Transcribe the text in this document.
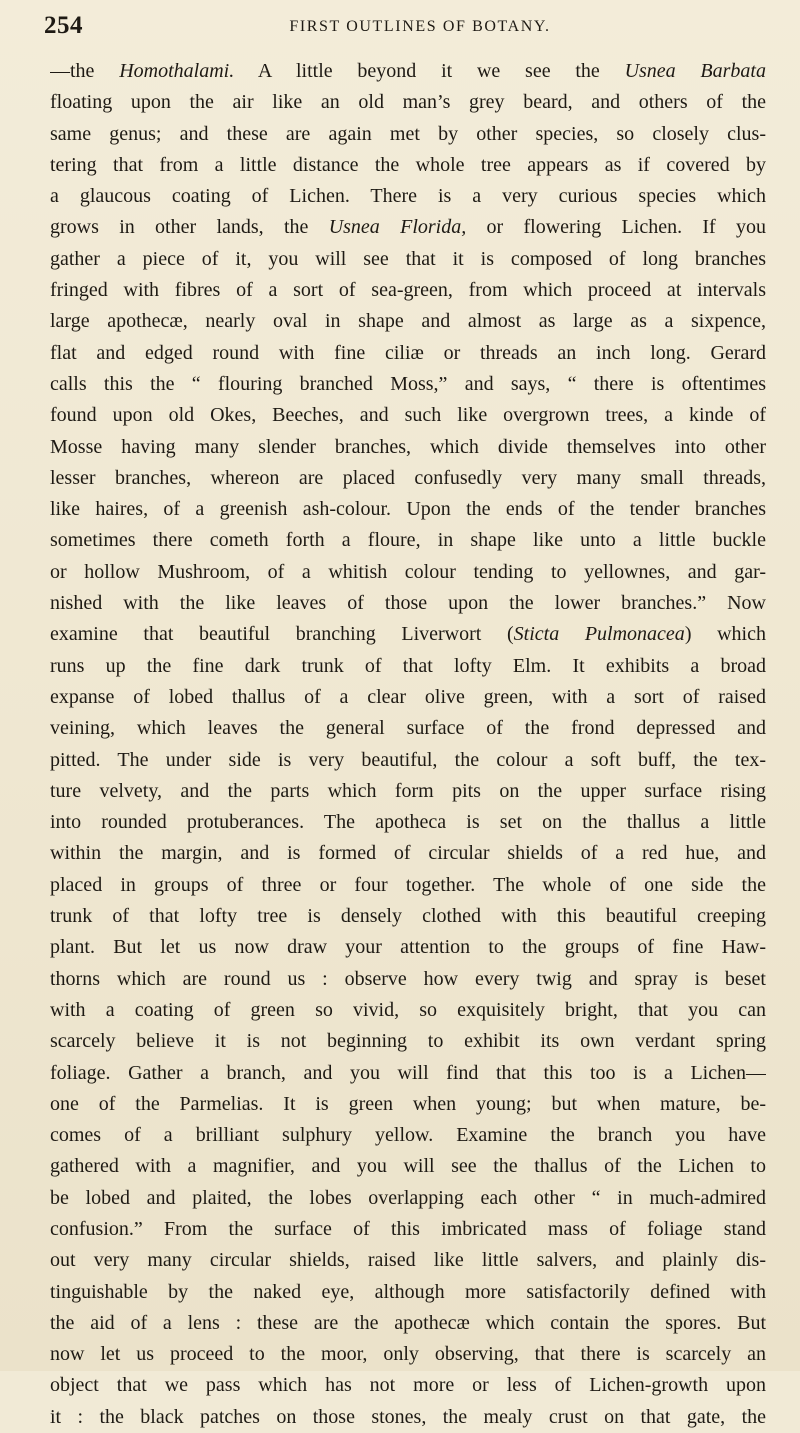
254	FIRST OUTLINES OF BOTANY.
—the Homothalami. A little beyond it we see the Usnea Barbata
floating upon the air like an old man’s grey beard, and others of the
same genus; and these are again met by other species, so closely clus-
tering that from a little distance the whole tree appears as if covered by
a glaucous coating of Lichen. There is a very curious species which
grows in other lands, the Usnea Florida, or flowering Lichen. If you
gather a piece of it, you will see that it is composed of long branches
fringed with fibres of a sort of sea-green, from which proceed at intervals
large apothecæ, nearly oval in shape and almost as large as a sixpence,
flat and edged round with fine ciliæ or threads an inch long. Gerard
calls this the “ flouring branched Moss,” and says, “ there is oftentimes
found upon old Okes, Beeches, and such like overgrown trees, a kinde of
Mosse having many slender branches, which divide themselves into other
lesser branches, whereon are placed confusedly very many small threads,
like haires, of a greenish ash-colour. Upon the ends of the tender branches
sometimes there cometh forth a floure, in shape like unto a little buckle
or hollow Mushroom, of a whitish colour tending to yellownes, and gar-
nished with the like leaves of those upon the lower branches.” Now
examine that beautiful branching Liverwort (Sticta Pulmonacea) which
runs up the fine dark trunk of that lofty Elm. It exhibits a broad
expanse of lobed thallus of a clear olive green, with a sort of raised
veining, which leaves the general surface of the frond depressed and
pitted. The under side is very beautiful, the colour a soft buff, the tex-
ture velvety, and the parts which form pits on the upper surface rising
into rounded protuberances. The apotheca is set on the thallus a little
within the margin, and is formed of circular shields of a red hue, and
placed in groups of three or four together. The whole of one side the
trunk of that lofty tree is densely clothed with this beautiful creeping
plant. But let us now draw your attention to the groups of fine Haw-
thorns which are round us : observe how every twig and spray is beset
with a coating of green so vivid, so exquisitely bright, that you can
scarcely believe it is not beginning to exhibit its own verdant spring
foliage. Gather a branch, and you will find that this too is a Lichen—
one of the Parmelias. It is green when young; but when mature, be-
comes of a brilliant sulphury yellow. Examine the branch you have
gathered with a magnifier, and you will see the thallus of the Lichen to
be lobed and plaited, the lobes overlapping each other “ in much-admired
confusion.” From the surface of this imbricated mass of foliage stand
out very many circular shields, raised like little salvers, and plainly dis-
tinguishable by the naked eye, although more satisfactorily defined with
the aid of a lens : these are the apothecæ which contain the spores. But
now let us proceed to the moor, only observing, that there is scarcely an
object that we pass which has not more or less of Lichen-growth upon
it : the black patches on those stones, the mealy crust on that gate, the
